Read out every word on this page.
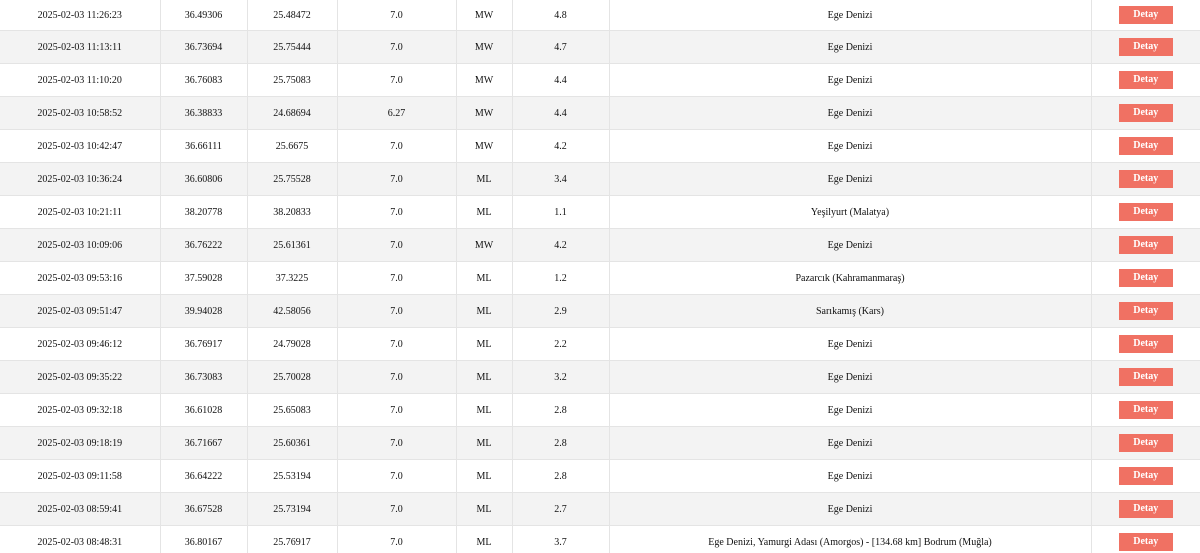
2025-02-03 11:26:23	36.49306	25.48472	7.0	MW	4.8	Ege Denizi	Detay
2025-02-03 11:13:11	36.73694	25.75444	7.0	MW	4.7	Ege Denizi	Detay
2025-02-03 11:10:20	36.76083	25.75083	7.0	MW	4.4	Ege Denizi	Detay
2025-02-03 10:58:52	36.38833	24.68694	6.27	MW	4.4	Ege Denizi	Detay
2025-02-03 10:42:47	36.66111	25.6675	7.0	MW	4.2	Ege Denizi	Detay
2025-02-03 10:36:24	36.60806	25.75528	7.0	ML	3.4	Ege Denizi	Detay
2025-02-03 10:21:11	38.20778	38.20833	7.0	ML	1.1	Yeşilyurt (Malatya)	Detay
2025-02-03 10:09:06	36.76222	25.61361	7.0	MW	4.2	Ege Denizi	Detay
2025-02-03 09:53:16	37.59028	37.3225	7.0	ML	1.2	Pazarcık (Kahramanmaraş)	Detay
2025-02-03 09:51:47	39.94028	42.58056	7.0	ML	2.9	Sarıkamış (Kars)	Detay
2025-02-03 09:46:12	36.76917	24.79028	7.0	ML	2.2	Ege Denizi	Detay
2025-02-03 09:35:22	36.73083	25.70028	7.0	ML	3.2	Ege Denizi	Detay
2025-02-03 09:32:18	36.61028	25.65083	7.0	ML	2.8	Ege Denizi	Detay
2025-02-03 09:18:19	36.71667	25.60361	7.0	ML	2.8	Ege Denizi	Detay
2025-02-03 09:11:58	36.64222	25.53194	7.0	ML	2.8	Ege Denizi	Detay
2025-02-03 08:59:41	36.67528	25.73194	7.0	ML	2.7	Ege Denizi	Detay
2025-02-03 08:48:31	36.80167	25.76917	7.0	ML	3.7	Ege Denizi, Yamurgi Adası (Amorgos) - [134.68 km] Bodrum (Muğla)	Detay
